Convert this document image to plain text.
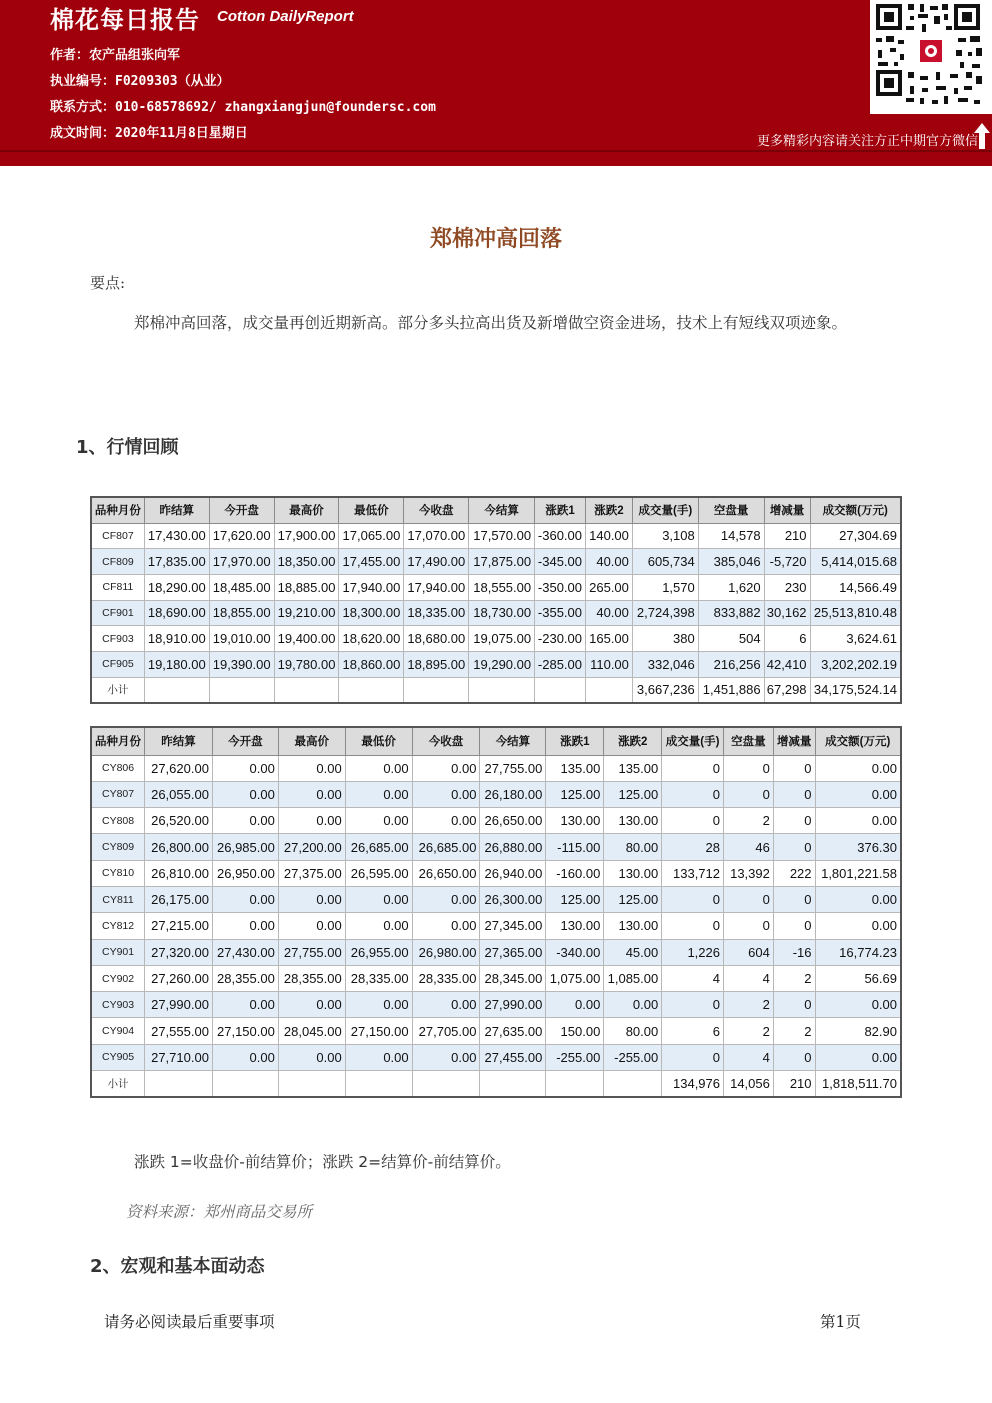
棉花每日报告 Cotton DailyReport
作者：农产品组张向军
执业编号：F0209303（从业）
联系方式：010-68578692/ zhangxiangjun@foundersc.com
成文时间：2020年11月8日星期日
更多精彩内容请关注方正中期官方微信
郑棉冲高回落
要点:
郑棉冲高回落，成交量再创近期新高。部分多头拉高出货及新增做空资金进场，技术上有短线双项迹象。
1、行情回顾
品种月份	昨结算	今开盘	最高价	最低价	今收盘	今结算	涨跌1	涨跌2	成交量(手)	空盘量	增减量	成交额(万元)
CF807	17,430.00	17,620.00	17,900.00	17,065.00	17,070.00	17,570.00	-360.00	140.00	3,108	14,578	210	27,304.69
CF809	17,835.00	17,970.00	18,350.00	17,455.00	17,490.00	17,875.00	-345.00	40.00	605,734	385,046	-5,720	5,414,015.68
CF811	18,290.00	18,485.00	18,885.00	17,940.00	17,940.00	18,555.00	-350.00	265.00	1,570	1,620	230	14,566.49
CF901	18,690.00	18,855.00	19,210.00	18,300.00	18,335.00	18,730.00	-355.00	40.00	2,724,398	833,882	30,162	25,513,810.48
CF903	18,910.00	19,010.00	19,400.00	18,620.00	18,680.00	19,075.00	-230.00	165.00	380	504	6	3,624.61
CF905	19,180.00	19,390.00	19,780.00	18,860.00	18,895.00	19,290.00	-285.00	110.00	332,046	216,256	42,410	3,202,202.19
小计									3,667,236	1,451,886	67,298	34,175,524.14
品种月份	昨结算	今开盘	最高价	最低价	今收盘	今结算	涨跌1	涨跌2	成交量(手)	空盘量	增减量	成交额(万元)
CY806	27,620.00	0.00	0.00	0.00	0.00	27,755.00	135.00	135.00	0	0	0	0.00
CY807	26,055.00	0.00	0.00	0.00	0.00	26,180.00	125.00	125.00	0	0	0	0.00
CY808	26,520.00	0.00	0.00	0.00	0.00	26,650.00	130.00	130.00	0	2	0	0.00
CY809	26,800.00	26,985.00	27,200.00	26,685.00	26,685.00	26,880.00	-115.00	80.00	28	46	0	376.30
CY810	26,810.00	26,950.00	27,375.00	26,595.00	26,650.00	26,940.00	-160.00	130.00	133,712	13,392	222	1,801,221.58
CY811	26,175.00	0.00	0.00	0.00	0.00	26,300.00	125.00	125.00	0	0	0	0.00
CY812	27,215.00	0.00	0.00	0.00	0.00	27,345.00	130.00	130.00	0	0	0	0.00
CY901	27,320.00	27,430.00	27,755.00	26,955.00	26,980.00	27,365.00	-340.00	45.00	1,226	604	-16	16,774.23
CY902	27,260.00	28,355.00	28,355.00	28,335.00	28,335.00	28,345.00	1,075.00	1,085.00	4	4	2	56.69
CY903	27,990.00	0.00	0.00	0.00	0.00	27,990.00	0.00	0.00	0	2	0	0.00
CY904	27,555.00	27,150.00	28,045.00	27,150.00	27,705.00	27,635.00	150.00	80.00	6	2	2	82.90
CY905	27,710.00	0.00	0.00	0.00	0.00	27,455.00	-255.00	-255.00	0	4	0	0.00
小计									134,976	14,056	210	1,818,511.70
涨跌 1=收盘价-前结算价；涨跌 2=结算价-前结算价。
资料来源：郑州商品交易所
2、宏观和基本面动态
请务必阅读最后重要事项	第1页
